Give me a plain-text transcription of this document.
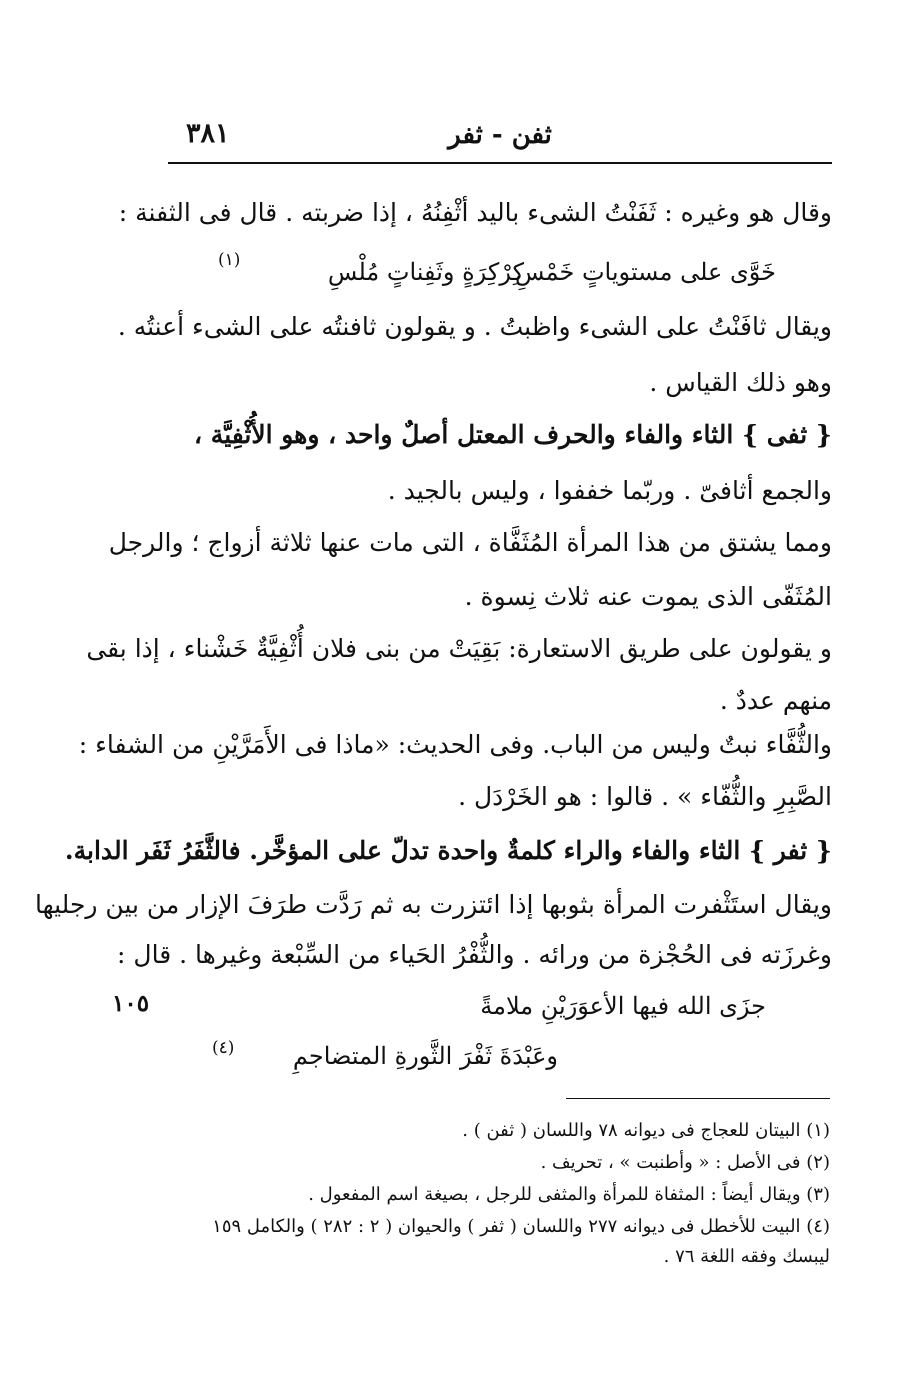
٣٨١	ثفن - ثفر
وقال هو وغيره : ثَفَنْتُ الشىء باليد أثْفِنُهُ ، إذا ضربته . قال فى الثفنة :
خَوَّى على مستوياتٍ خَمْسِ
كِرْكِرَةٍ وثَفِناتٍ مُلْسِ
(١)
ويقال ثافَنْتُ على الشىء واظبتُ . و يقولون ثافنتُه على الشىء أعنتُه .
وهو ذلك القياس .
{ ثفى } الثاء والفاء والحرف المعتل أصلٌ واحد ، وهو الأُثْفِيَّة ،
والجمع أثافىّ . وربّما خففوا ، وليس بالجيد .
ومما يشتق من هذا المرأة المُثَفَّاة ، التى مات عنها ثلاثة أزواج ؛ والرجل
المُثَفّى الذى يموت عنه ثلاث نِسوة .
و يقولون على طريق الاستعارة: بَقِيَتْ من بنى فلان أُثْفِيَّةٌ خَشْناء ، إذا بقى
منهم عددٌ .
والثُّفَّاء نبتٌ وليس من الباب. وفى الحديث: «ماذا فى الأَمَرَّيْنِ من الشفاء :
الصَّبِرِ والثُّفّاء » . قالوا : هو الخَرْدَل .
{ ثفر } الثاء والفاء والراء كلمةٌ واحدة تدلّ على المؤخَّر. فالثَّفَرُ ثَفَر الدابة.
ويقال استَثْفرت المرأة بثوبها إذا ائتزرت به ثم رَدَّت طرَفَ الإزار من بين رجليها
وغرزَته فى الحُجْزة من ورائه . والثُّفْرُ الحَياء من السِّبْعة وغيرها . قال :
جزَى الله فيها الأعوَرَيْنِ ملامةً
وعَبْدَةَ ثَفْرَ الثَّورةِ المتضاجمِ
(٤)
١٠٥
(١) البيتان للعجاج فى ديوانه ٧٨ واللسان ( ثفن ) .
(٢) فى الأصل : « وأطنبت » ، تحريف .
(٣) ويقال أيضاً : المثفاة للمرأة والمثفى للرجل ، بصيغة اسم المفعول .
(٤) البيت للأخطل فى ديوانه ٢٧٧ واللسان ( ثفر ) والحيوان ( ٢ : ٢٨٢ ) والكامل ١٥٩
ليبسك وفقه اللغة ٧٦ .
